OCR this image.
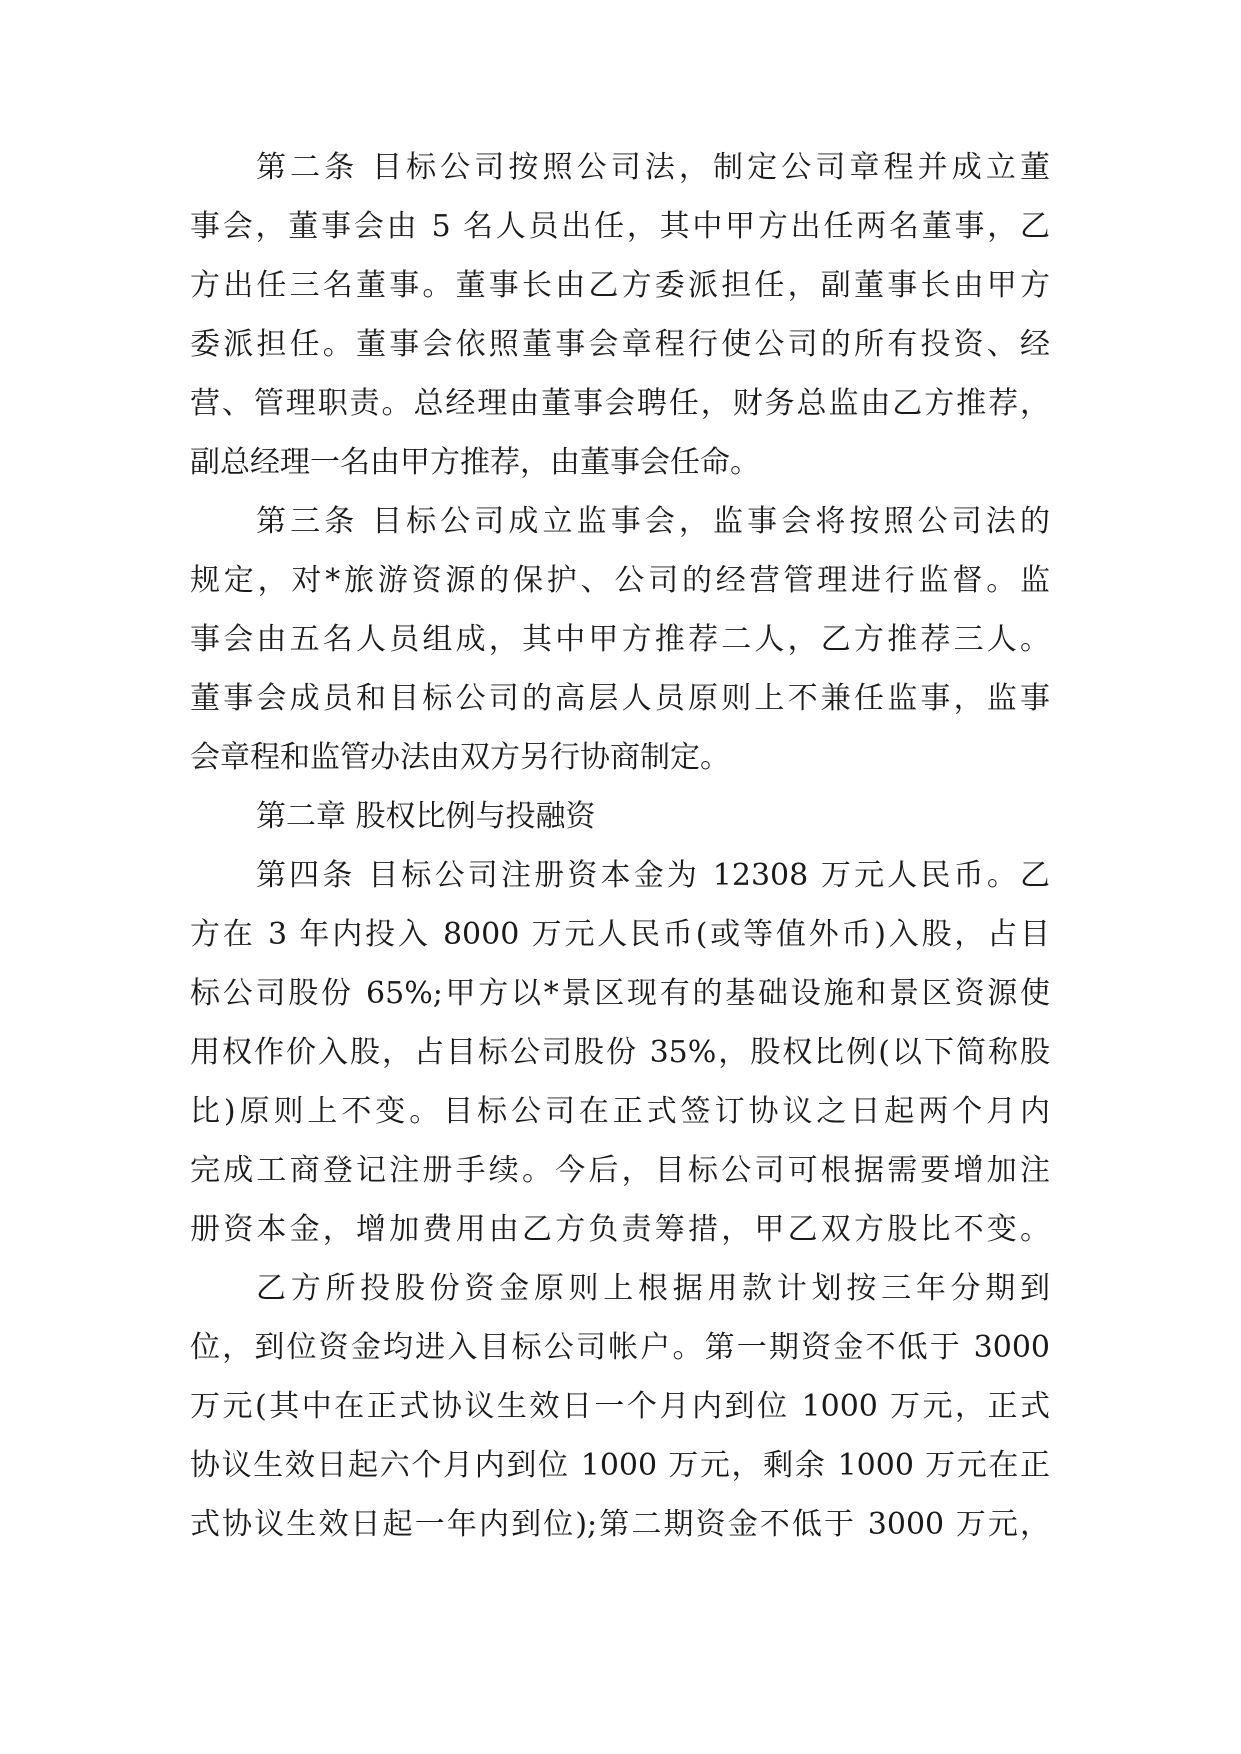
第二条 目标公司按照公司法，制定公司章程并成立董

事会，董事会由 5 名人员出任，其中甲方出任两名董事，乙

方出任三名董事。董事长由乙方委派担任，副董事长由甲方

委派担任。董事会依照董事会章程行使公司的所有投资、经

营、管理职责。总经理由董事会聘任，财务总监由乙方推荐，

副总经理一名由甲方推荐，由董事会任命。

第三条 目标公司成立监事会，监事会将按照公司法的

规定，对*旅游资源的保护、公司的经营管理进行监督。监

事会由五名人员组成，其中甲方推荐二人，乙方推荐三人。

董事会成员和目标公司的高层人员原则上不兼任监事，监事

会章程和监管办法由双方另行协商制定。

第二章 股权比例与投融资

第四条 目标公司注册资本金为 12308 万元人民币。乙

方在 3 年内投入 8000 万元人民币(或等值外币)入股，占目

标公司股份 65%;甲方以*景区现有的基础设施和景区资源使

用权作价入股，占目标公司股份 35%，股权比例(以下简称股

比)原则上不变。目标公司在正式签订协议之日起两个月内

完成工商登记注册手续。今后，目标公司可根据需要增加注

册资本金，增加费用由乙方负责筹措，甲乙双方股比不变。

乙方所投股份资金原则上根据用款计划按三年分期到

位，到位资金均进入目标公司帐户。第一期资金不低于 3000

万元(其中在正式协议生效日一个月内到位 1000 万元，正式

协议生效日起六个月内到位 1000 万元，剩余 1000 万元在正

式协议生效日起一年内到位);第二期资金不低于 3000 万元，
